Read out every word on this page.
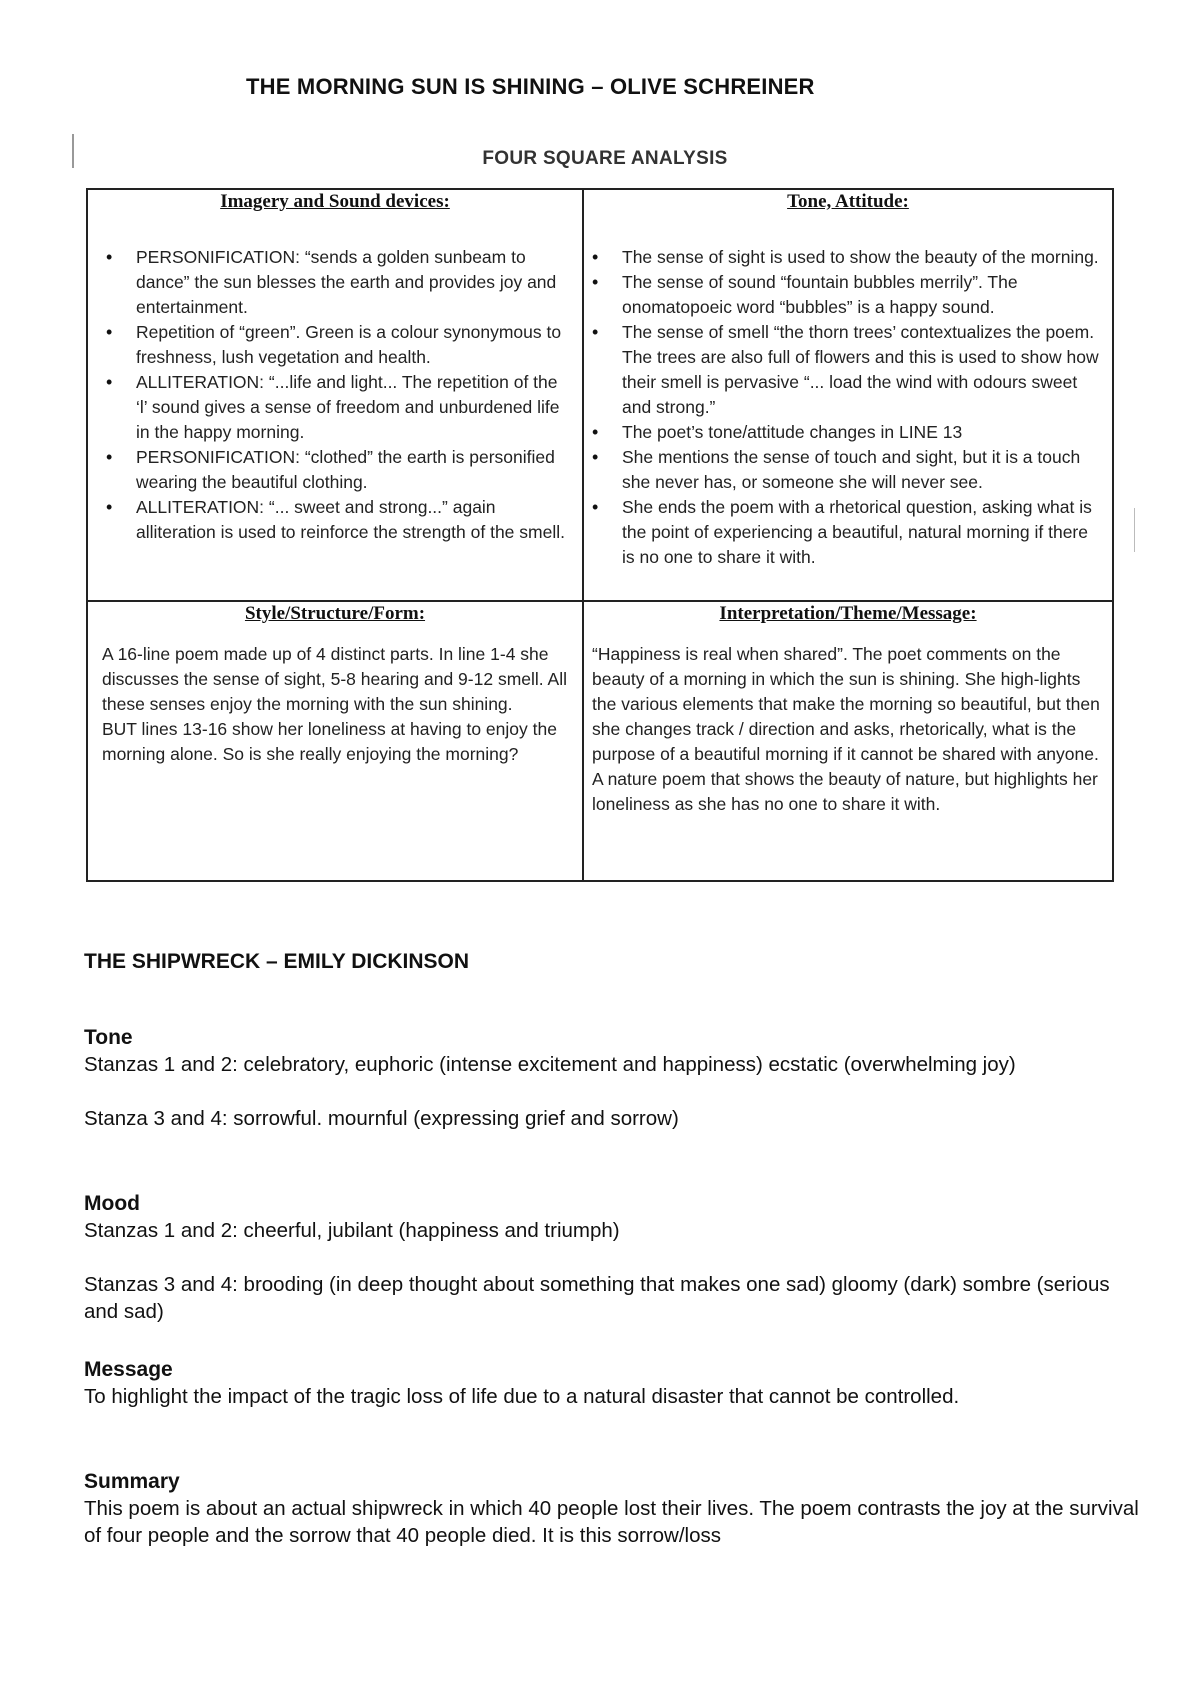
THE MORNING SUN IS SHINING – OLIVE SCHREINER
FOUR SQUARE ANALYSIS
Imagery and Sound devices:
• PERSONIFICATION: “sends a golden sunbeam to dance” the sun blesses the earth and provides joy and entertainment.
• Repetition of “green”. Green is a colour synonymous to freshness, lush vegetation and health.
• ALLITERATION: “...life and light... The repetition of the ‘l’ sound gives a sense of freedom and unburdened life in the happy morning.
• PERSONIFICATION: “clothed” the earth is personified wearing the beautiful clothing.
• ALLITERATION: “... sweet and strong...” again alliteration is used to reinforce the strength of the smell.
Tone, Attitude:
• The sense of sight is used to show the beauty of the morning.
• The sense of sound “fountain bubbles merrily”. The onomatopoeic word “bubbles” is a happy sound.
• The sense of smell “the thorn trees’ contextualizes the poem. The trees are also full of flowers and this is used to show how their smell is pervasive “... load the wind with odours sweet and strong.”
• The poet’s tone/attitude changes in LINE 13
• She mentions the sense of touch and sight, but it is a touch she never has, or someone she will never see.
• She ends the poem with a rhetorical question, asking what is the point of experiencing a beautiful, natural morning if there is no one to share it with.
Style/Structure/Form:

A 16-line poem made up of 4 distinct parts. In line 1-4 she discusses the sense of sight, 5-8 hearing and 9-12 smell. All these senses enjoy the morning with the sun shining.

BUT lines 13-16 show her loneliness at having to enjoy the morning alone. So is she really enjoying the morning?

Interpretation/Theme/Message:

“Happiness is real when shared”. The poet comments on the beauty of a morning in which the sun is shining. She high-lights the various elements that make the morning so beautiful, but then she changes track / direction and asks, rhetorically, what is the purpose of a beautiful morning if it cannot be shared with anyone.

A nature poem that shows the beauty of nature, but highlights her loneliness as she has no one to share it with.

THE SHIPWRECK – EMILY DICKINSON
Tone

Stanzas 1 and 2: celebratory, euphoric (intense excitement and happiness) ecstatic (overwhelming joy)

Stanza 3 and 4: sorrowful. mournful (expressing grief and sorrow)

Mood

Stanzas 1 and 2: cheerful, jubilant (happiness and triumph)

Stanzas 3 and 4: brooding (in deep thought about something that makes one sad) gloomy (dark) sombre (serious and sad)

Message

To highlight the impact of the tragic loss of life due to a natural disaster that cannot be controlled.

Summary

This poem is about an actual shipwreck in which 40 people lost their lives. The poem contrasts the joy at the survival of four people and the sorrow that 40 people died. It is this sorrow/loss
